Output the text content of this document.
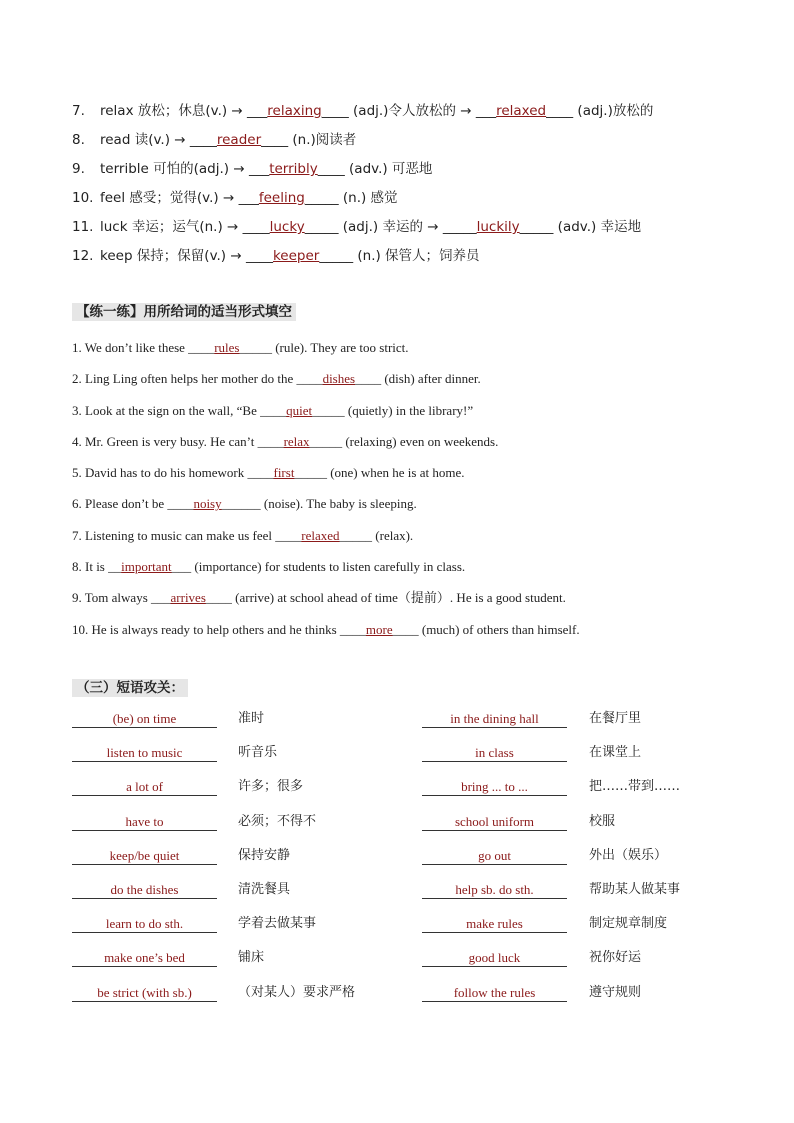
7. relax 放松；休息(v.) → ___relaxing____ (adj.)令人放松的 → ___relaxed____ (adj.)放松的
8. read 读(v.) → ____reader____ (n.)阅读者
9. terrible 可怕的(adj.) → ___terribly____ (adv.) 可恶地
10. feel 感受；觉得(v.) → ___feeling_____ (n.) 感觉
11. luck 幸运；运气(n.) → ____lucky_____ (adj.) 幸运的 → _____luckily_____ (adv.) 幸运地
12. keep 保持；保留(v.) → ____keeper_____ (n.) 保管人；饲养员
【练一练】用所给词的适当形式填空
1. We don’t like these ____rules_____ (rule). They are too strict.
2. Ling Ling often helps her mother do the ____dishes____ (dish) after dinner.
3. Look at the sign on the wall, “Be ____quiet_____ (quietly) in the library!”
4. Mr. Green is very busy. He can’t ____relax_____ (relaxing) even on weekends.
5. David has to do his homework ____first_____ (one) when he is at home.
6. Please don’t be ____noisy______ (noise). The baby is sleeping.
7. Listening to music can make us feel ____relaxed_____ (relax).
8. It is __important___ (importance) for students to listen carefully in class.
9. Tom always ___arrives____ (arrive) at school ahead of time（提前）. He is a good student.
10. He is always ready to help others and he thinks ____more____ (much) of others than himself.
（三）短语攻关：
(be) on time	准时	in the dining hall	在餐厅里
listen to music	听音乐	in class	在课堂上
a lot of	许多；很多	bring ... to ...	把……带到……
have to	必须；不得不	school uniform	校服
keep/be quiet	保持安静	go out	外出（娱乐）
do the dishes	清洗餐具	help sb. do sth.	帮助某人做某事
learn to do sth.	学着去做某事	make rules	制定规章制度
make one’s bed	铺床	good luck	祝你好运
be strict (with sb.)	（对某人）要求严格	follow the rules	遵守规则
